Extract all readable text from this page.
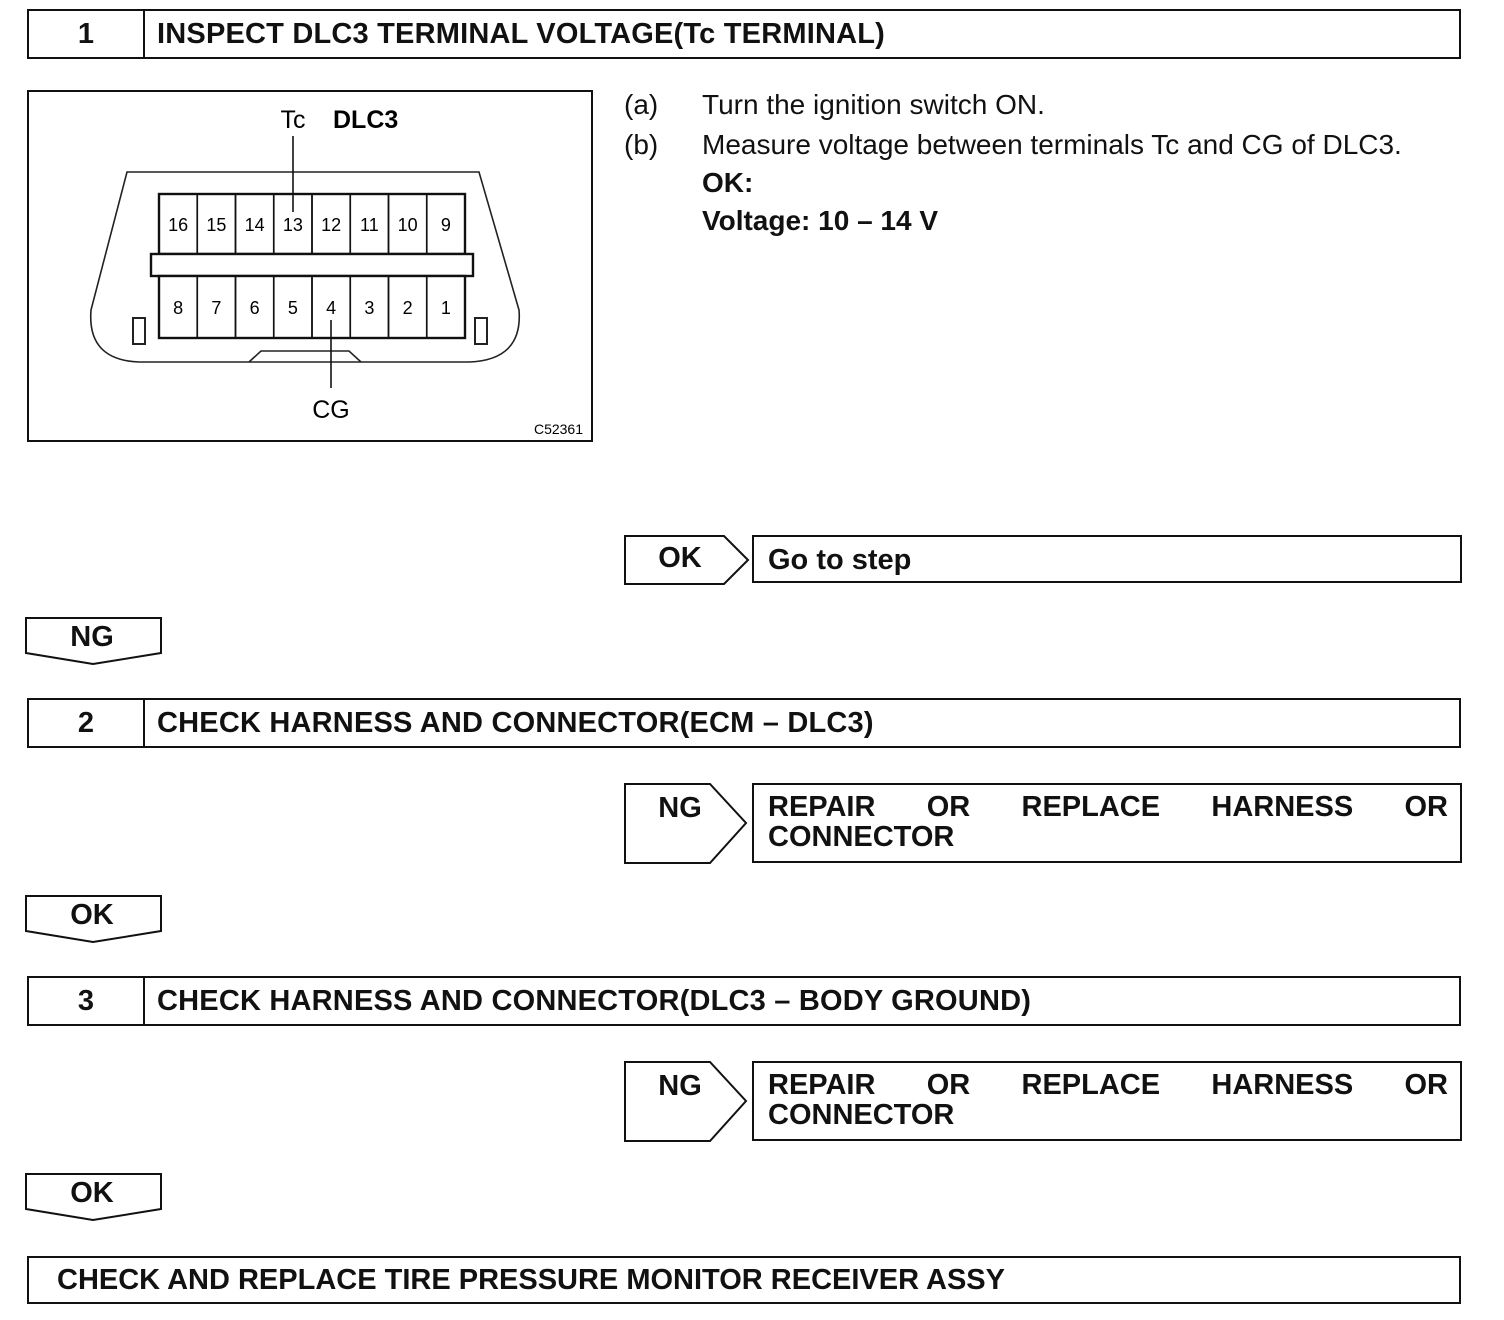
1	INSPECT DLC3 TERMINAL VOLTAGE(Tc TERMINAL)
16 15 14 13 12 11 10 9
8 7 6 5 4 3 2 1
Tc DLC3
CG
C52361
(a)	Turn the ignition switch ON.
(b)	Measure voltage between terminals Tc and CG of DLC3.
OK:
Voltage: 10 – 14 V
OK	Go to step
NG
2	CHECK HARNESS AND CONNECTOR(ECM – DLC3)
NG	REPAIR OR REPLACE HARNESS OR
CONNECTOR
OK
3	CHECK HARNESS AND CONNECTOR(DLC3 – BODY GROUND)
NG	REPAIR OR REPLACE HARNESS OR
CONNECTOR
OK
CHECK AND REPLACE TIRE PRESSURE MONITOR RECEIVER ASSY
